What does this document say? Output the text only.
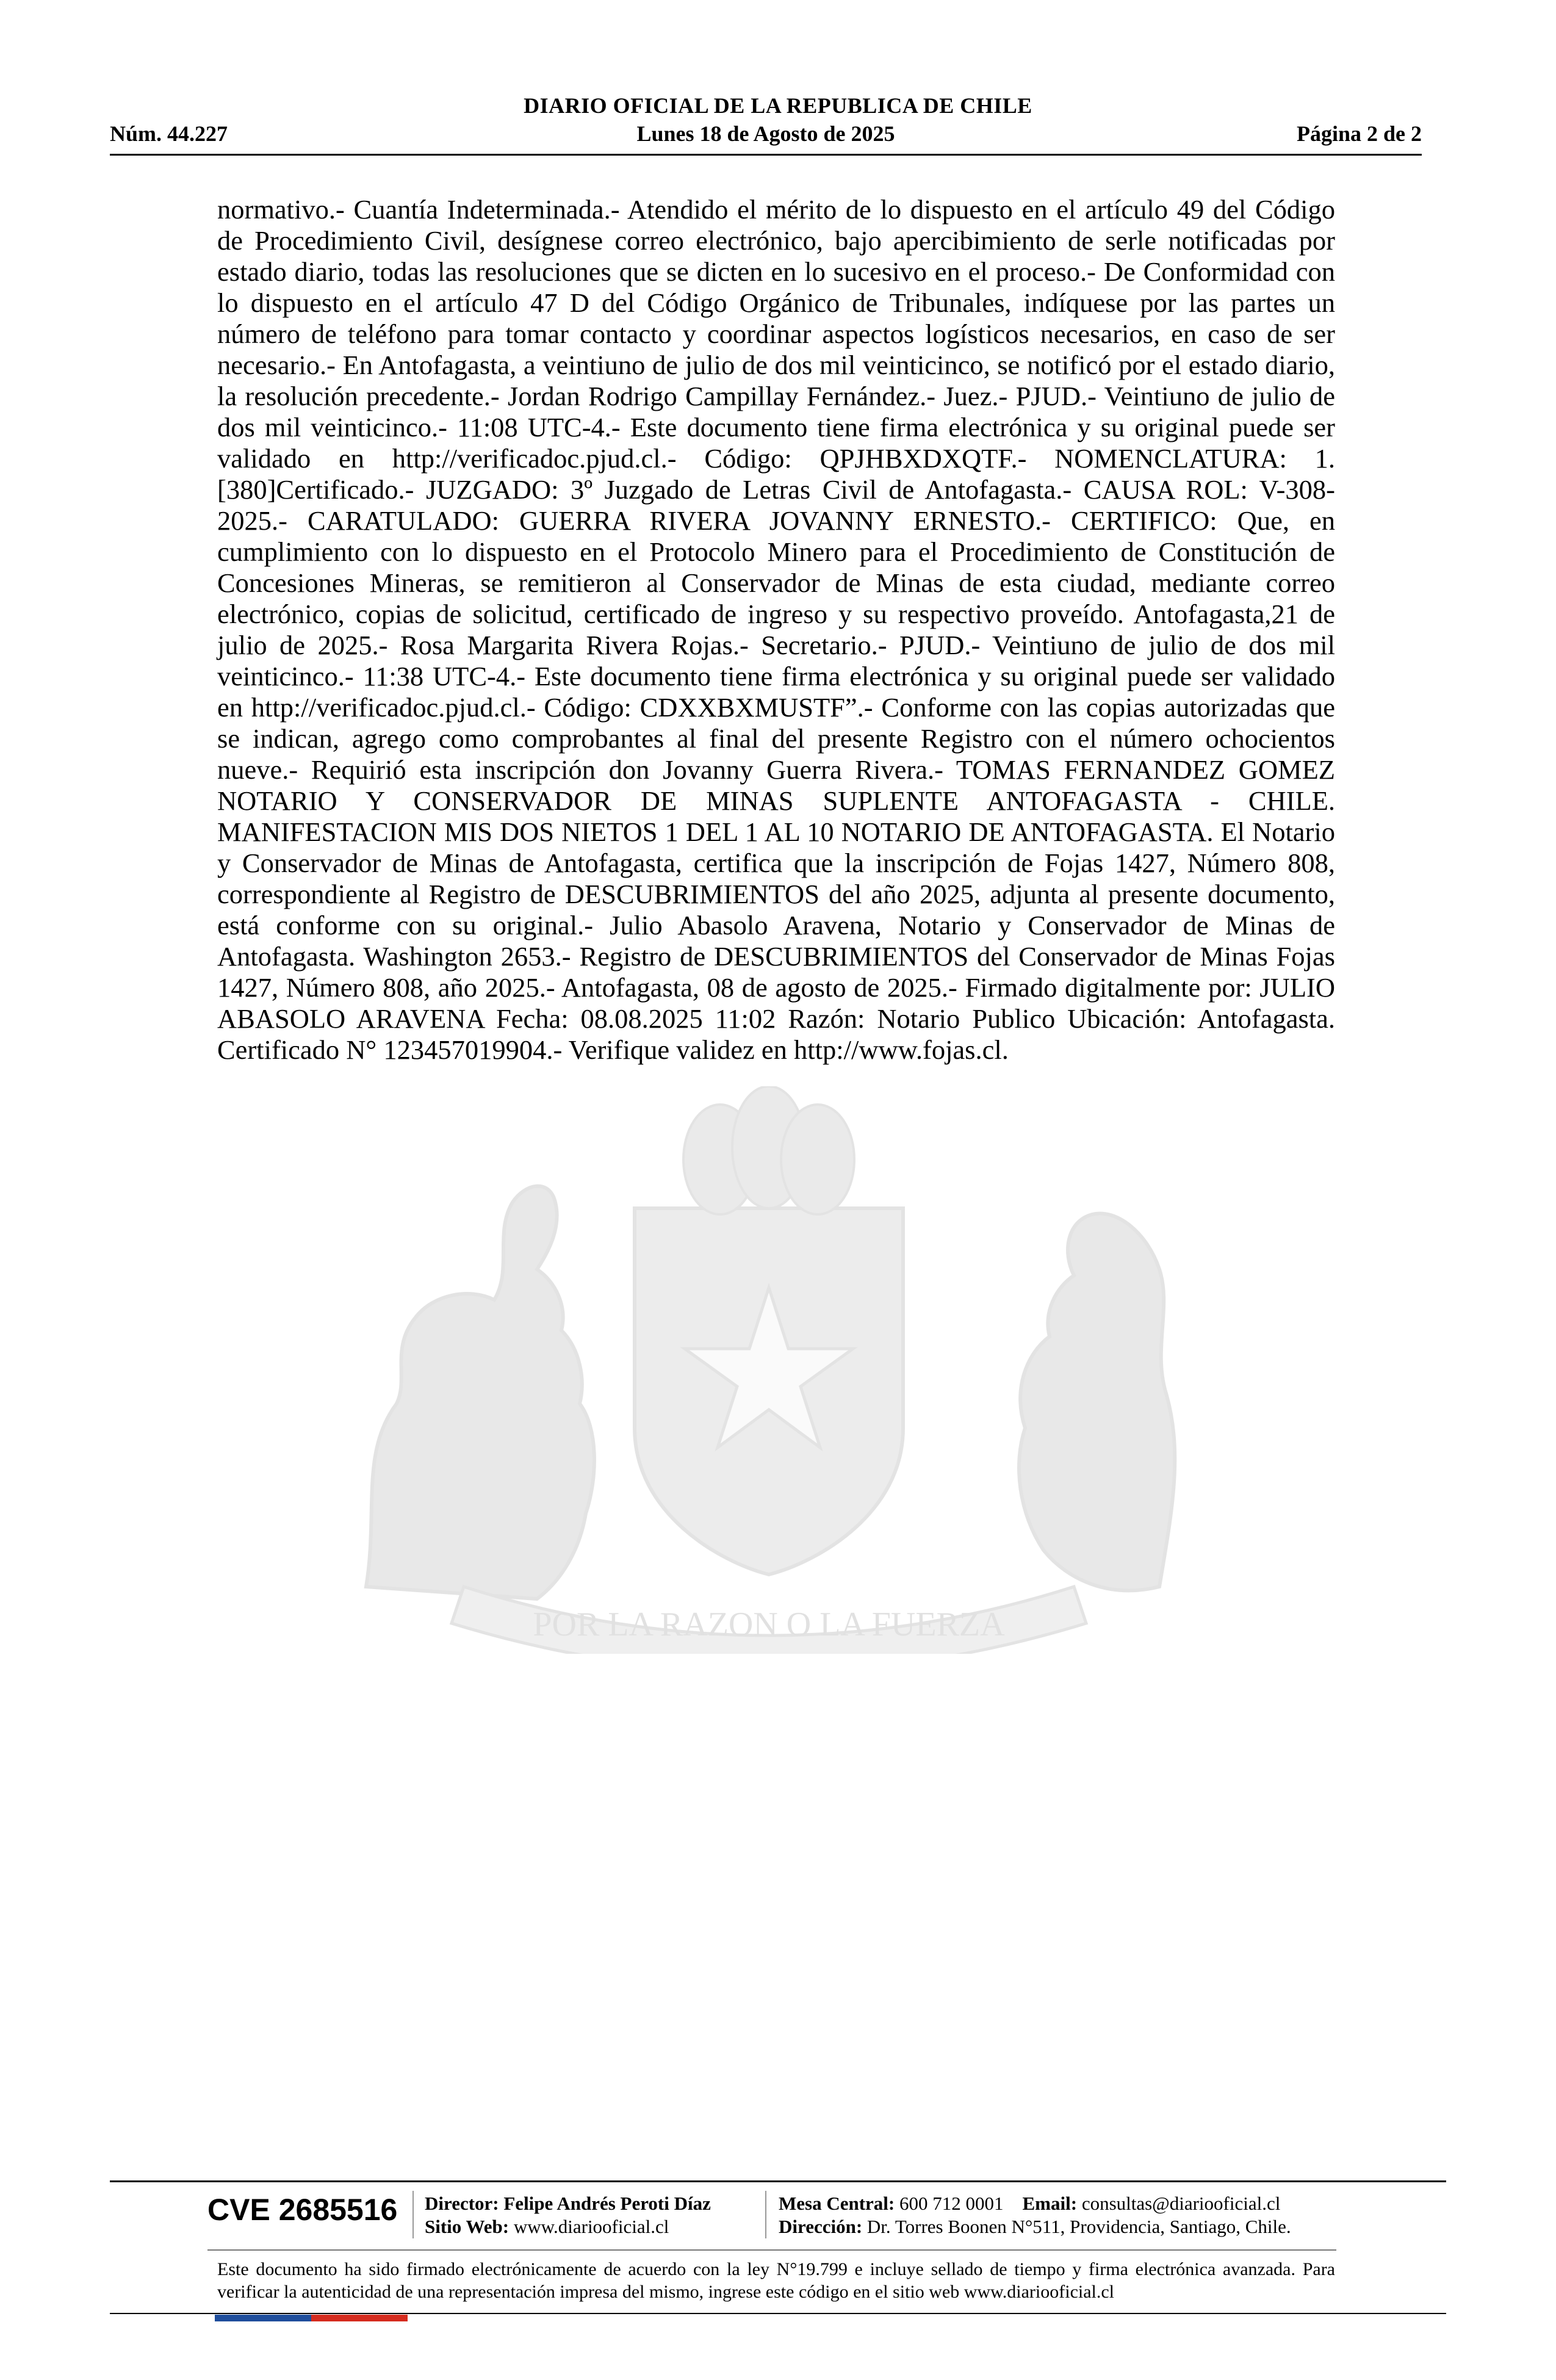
DIARIO OFICIAL DE LA REPUBLICA DE CHILE
Núm. 44.227	Lunes 18 de Agosto de 2025	Página 2 de 2
POR LA RAZON O LA FUERZA
normativo.- Cuantía Indeterminada.- Atendido el mérito de lo dispuesto en el artículo 49 del Código de Procedimiento Civil, desígnese correo electrónico, bajo apercibimiento de serle notificadas por estado diario, todas las resoluciones que se dicten en lo sucesivo en el proceso.- De Conformidad con lo dispuesto en el artículo 47 D del Código Orgánico de Tribunales, indíquese por las partes un número de teléfono para tomar contacto y coordinar aspectos logísticos necesarios, en caso de ser necesario.- En Antofagasta, a veintiuno de julio de dos mil veinticinco, se notificó por el estado diario, la resolución precedente.- Jordan Rodrigo Campillay Fernández.- Juez.- PJUD.- Veintiuno de julio de dos mil veinticinco.- 11:08 UTC-4.- Este documento tiene firma electrónica y su original puede ser validado en http://verificadoc.pjud.cl.- Código: QPJHBXDXQTF.- NOMENCLATURA: 1. [380]Certificado.- JUZGADO: 3º Juzgado de Letras Civil de Antofagasta.- CAUSA ROL: V-308-2025.- CARATULADO: GUERRA RIVERA JOVANNY ERNESTO.- CERTIFICO: Que, en cumplimiento con lo dispuesto en el Protocolo Minero para el Procedimiento de Constitución de Concesiones Mineras, se remitieron al Conservador de Minas de esta ciudad, mediante correo electrónico, copias de solicitud, certificado de ingreso y su respectivo proveído. Antofagasta,21 de julio de 2025.- Rosa Margarita Rivera Rojas.- Secretario.- PJUD.- Veintiuno de julio de dos mil veinticinco.- 11:38 UTC-4.- Este documento tiene firma electrónica y su original puede ser validado en http://verificadoc.pjud.cl.- Código: CDXXBXMUSTF”.- Conforme con las copias autorizadas que se indican, agrego como comprobantes al final del presente Registro con el número ochocientos nueve.- Requirió esta inscripción don Jovanny Guerra Rivera.- TOMAS FERNANDEZ GOMEZ NOTARIO Y CONSERVADOR DE MINAS SUPLENTE ANTOFAGASTA - CHILE. MANIFESTACION MIS DOS NIETOS 1 DEL 1 AL 10 NOTARIO DE ANTOFAGASTA. El Notario y Conservador de Minas de Antofagasta, certifica que la inscripción de Fojas 1427, Número 808, correspondiente al Registro de DESCUBRIMIENTOS del año 2025, adjunta al presente documento, está conforme con su original.- Julio Abasolo Aravena, Notario y Conservador de Minas de Antofagasta. Washington 2653.- Registro de DESCUBRIMIENTOS del Conservador de Minas Fojas 1427, Número 808, año 2025.- Antofagasta, 08 de agosto de 2025.- Firmado digitalmente por: JULIO ABASOLO ARAVENA Fecha: 08.08.2025 11:02 Razón: Notario Publico Ubicación: Antofagasta. Certificado N° 123457019904.- Verifique validez en http://www.fojas.cl.
CVE 2685516 Director: Felipe Andrés Peroti Díaz
Sitio Web: www.diariooficial.cl
Mesa Central: 600 712 0001 Email: consultas@diariooficial.cl
Dirección: Dr. Torres Boonen N°511, Providencia, Santiago, Chile.
Este documento ha sido firmado electrónicamente de acuerdo con la ley N°19.799 e incluye sellado de tiempo y firma electrónica avanzada. Para verificar la autenticidad de una representación impresa del mismo, ingrese este código en el sitio web www.diariooficial.cl
